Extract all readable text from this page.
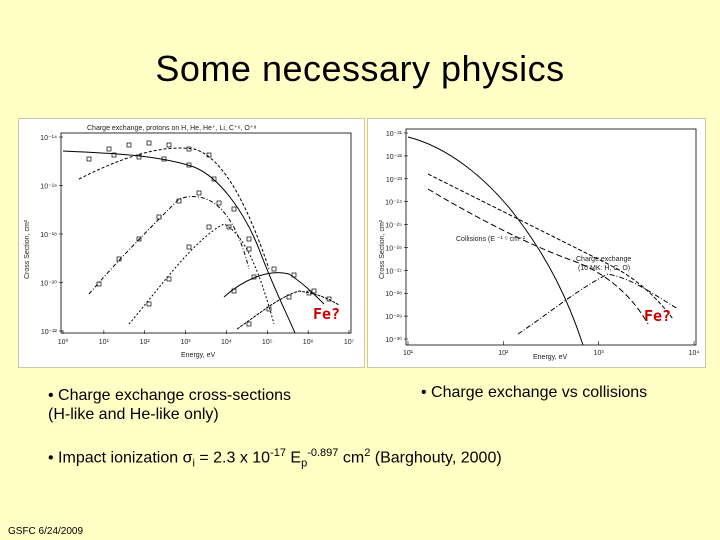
Some necessary physics
Charge exchange, protons on H, He, He⁺, Li, C⁺⁶, O⁺⁸
Cross Section, cm²
Energy, eV
10⁻¹⁴
10⁻¹⁶
10⁻¹⁸
10⁻²⁰
10⁻²²
10⁰	10¹	10²	10³	10⁴	10⁵	10⁶	10⁷
Fe?
Cross Section, cm²
Energy, eV
10⁻²¹
10⁻²²
10⁻²³
10⁻²⁴
10⁻²⁵
10⁻²⁶
10⁻²⁷
10⁻²⁸
10⁻²⁹
10⁻³⁰
10¹	10²	10³	10⁴
Collisions (E ⁻¹ ⁵ cm⁻²
Charge exchange
(10 MK: H, C, O)
Fe?
• Charge exchange cross-sections
(H-like and He-like only)
• Charge exchange vs collisions
• Impact ionization $\sigma_i = 2.3$ x $10^{-17}$ $E_p^{-0.897}$ $cm^2$ (Barghouty, 2000)
GSFC 6/24/2009
